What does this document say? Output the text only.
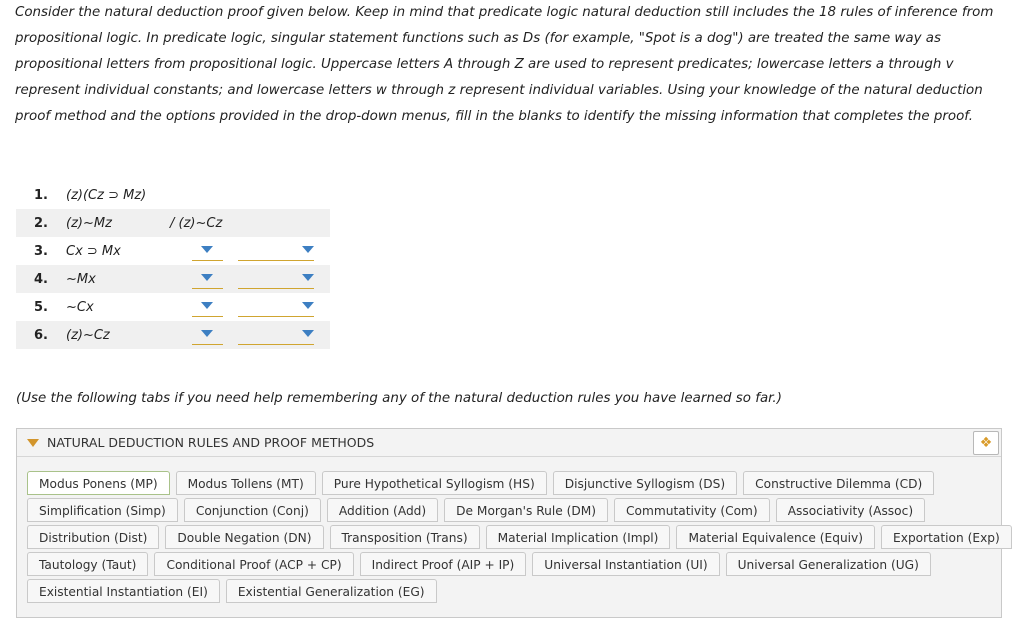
Consider the natural deduction proof given below. Keep in mind that predicate logic natural deduction still includes the 18 rules of inference from propositional logic. In predicate logic, singular statement functions such as Ds (for example, "Spot is a dog") are treated the same way as propositional letters from propositional logic. Uppercase letters A through Z are used to represent predicates; lowercase letters a through v represent individual constants; and lowercase letters w through z represent individual variables. Using your knowledge of the natural deduction proof method and the options provided in the drop-down menus, fill in the blanks to identify the missing information that completes the proof.

1.	(z)(Cz ⊃ Mz)
2.	(z)~Mz	/ (z)~Cz
3.	Cx ⊃ Mx
4.	~Mx
5.	~Cx
6.	(z)~Cz

(Use the following tabs if you need help remembering any of the natural deduction rules you have learned so far.)

NATURAL DEDUCTION RULES AND PROOF METHODS	❖
Modus Ponens (MP)	Modus Tollens (MT)	Pure Hypothetical Syllogism (HS)	Disjunctive Syllogism (DS)	Constructive Dilemma (CD)
Simplification (Simp)	Conjunction (Conj)	Addition (Add)	De Morgan's Rule (DM)	Commutativity (Com)	Associativity (Assoc)
Distribution (Dist)	Double Negation (DN)	Transposition (Trans)	Material Implication (Impl)	Material Equivalence (Equiv)	Exportation (Exp)
Tautology (Taut)	Conditional Proof (ACP + CP)	Indirect Proof (AIP + IP)	Universal Instantiation (UI)	Universal Generalization (UG)
Existential Instantiation (EI)	Existential Generalization (EG)
